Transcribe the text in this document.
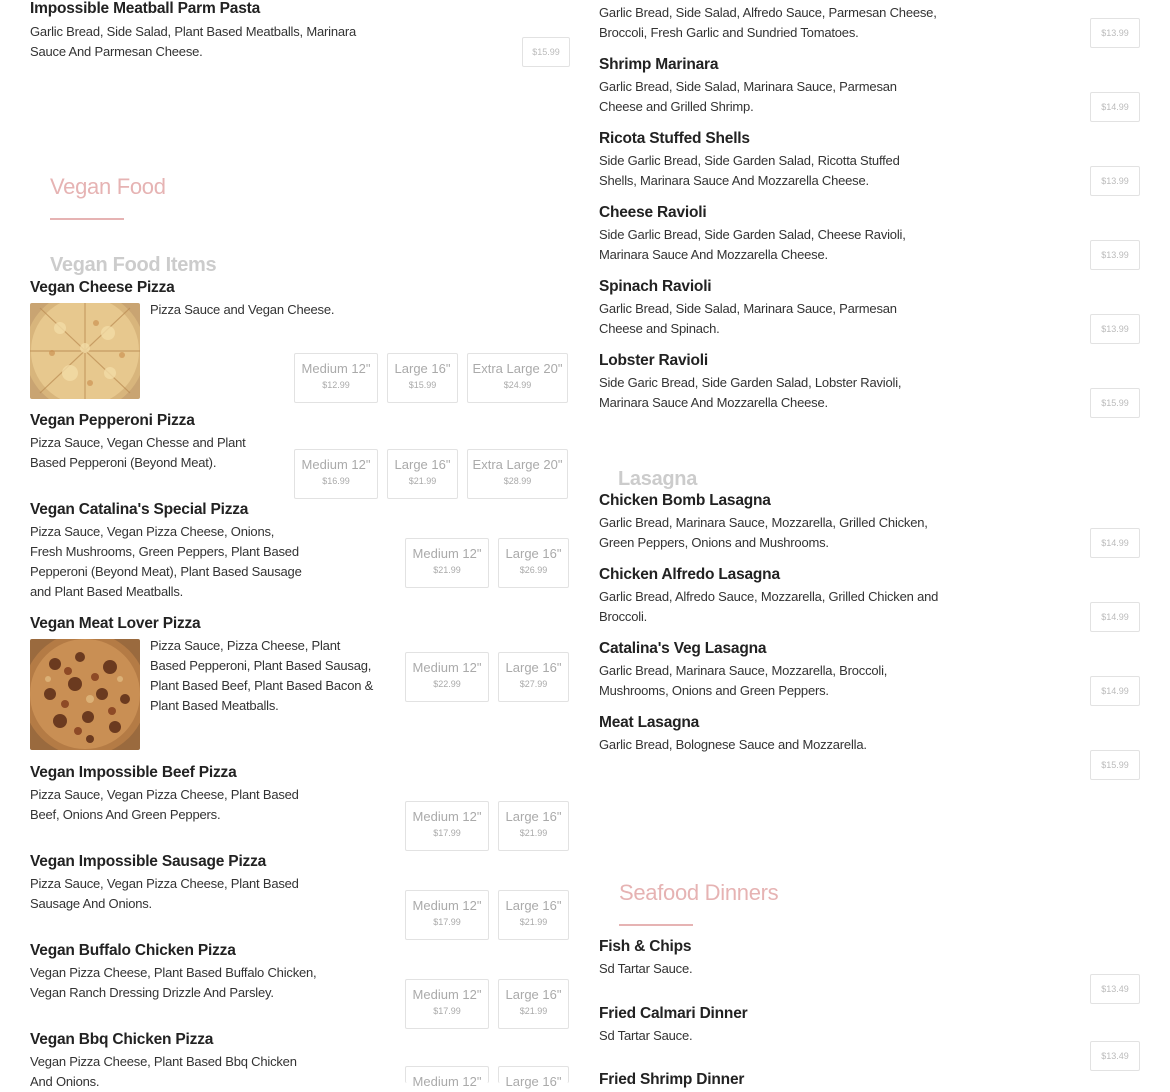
Impossible Meatball Parm Pasta
Garlic Bread, Side Salad, Plant Based Meatballs, Marinara Sauce And Parmesan Cheese.	$15.99
Vegan Food
Vegan Food Items
Vegan Cheese Pizza
Pizza Sauce and Vegan Cheese.
Medium 12"
$12.99
Large 16"
$15.99
Extra Large 20"
$24.99
Vegan Pepperoni Pizza
Pizza Sauce, Vegan Chesse and Plant Based Pepperoni (Beyond Meat).	Medium 12"
$16.99
Large 16"
$21.99
Extra Large 20"
$28.99
Vegan Catalina's Special Pizza
Pizza Sauce, Vegan Pizza Cheese, Onions, Fresh Mushrooms, Green Peppers, Plant Based Pepperoni (Beyond Meat), Plant Based Sausage and Plant Based Meatballs.
Medium 12"
$21.99
Large 16"
$26.99
Vegan Meat Lover Pizza
Pizza Sauce, Pizza Cheese, Plant Based Pepperoni, Plant Based Sausag, Plant Based Beef, Plant Based Bacon & Plant Based Meatballs.
Medium 12"
$22.99
Large 16"
$27.99
Vegan Impossible Beef Pizza
Pizza Sauce, Vegan Pizza Cheese, Plant Based Beef, Onions And Green Peppers.	Medium 12"
$17.99
Large 16"
$21.99
Vegan Impossible Sausage Pizza
Pizza Sauce, Vegan Pizza Cheese, Plant Based Sausage And Onions.	Medium 12"
$17.99
Large 16"
$21.99
Vegan Buffalo Chicken Pizza
Vegan Pizza Cheese, Plant Based Buffalo Chicken, Vegan Ranch Dressing Drizzle And Parsley.	Medium 12"
$17.99
Large 16"
$21.99
Vegan Bbq Chicken Pizza
Vegan Pizza Cheese, Plant Based Bbq Chicken And Onions.	Medium 12"	Large 16"
Garlic Bread, Side Salad, Alfredo Sauce, Parmesan Cheese, Broccoli, Fresh Garlic and Sundried Tomatoes.	$13.99
Shrimp Marinara
Garlic Bread, Side Salad, Marinara Sauce, Parmesan Cheese and Grilled Shrimp.	$14.99
Ricota Stuffed Shells
Side Garlic Bread, Side Garden Salad, Ricotta Stuffed Shells, Marinara Sauce And Mozzarella Cheese.	$13.99
Cheese Ravioli
Side Garlic Bread, Side Garden Salad, Cheese Ravioli, Marinara Sauce And Mozzarella Cheese.	$13.99
Spinach Ravioli
Garlic Bread, Side Salad, Marinara Sauce, Parmesan Cheese and Spinach.	$13.99
Lobster Ravioli
Side Garic Bread, Side Garden Salad, Lobster Ravioli, Marinara Sauce And Mozzarella Cheese.	$15.99
Lasagna
Chicken Bomb Lasagna
Garlic Bread, Marinara Sauce, Mozzarella, Grilled Chicken, Green Peppers, Onions and Mushrooms.	$14.99
Chicken Alfredo Lasagna
Garlic Bread, Alfredo Sauce, Mozzarella, Grilled Chicken and Broccoli.	$14.99
Catalina's Veg Lasagna
Garlic Bread, Marinara Sauce, Mozzarella, Broccoli, Mushrooms, Onions and Green Peppers.	$14.99
Meat Lasagna
Garlic Bread, Bolognese Sauce and Mozzarella.
$15.99
Seafood Dinners
Fish & Chips
Sd Tartar Sauce.
$13.49
Fried Calmari Dinner
Sd Tartar Sauce.
$13.49
Fried Shrimp Dinner
